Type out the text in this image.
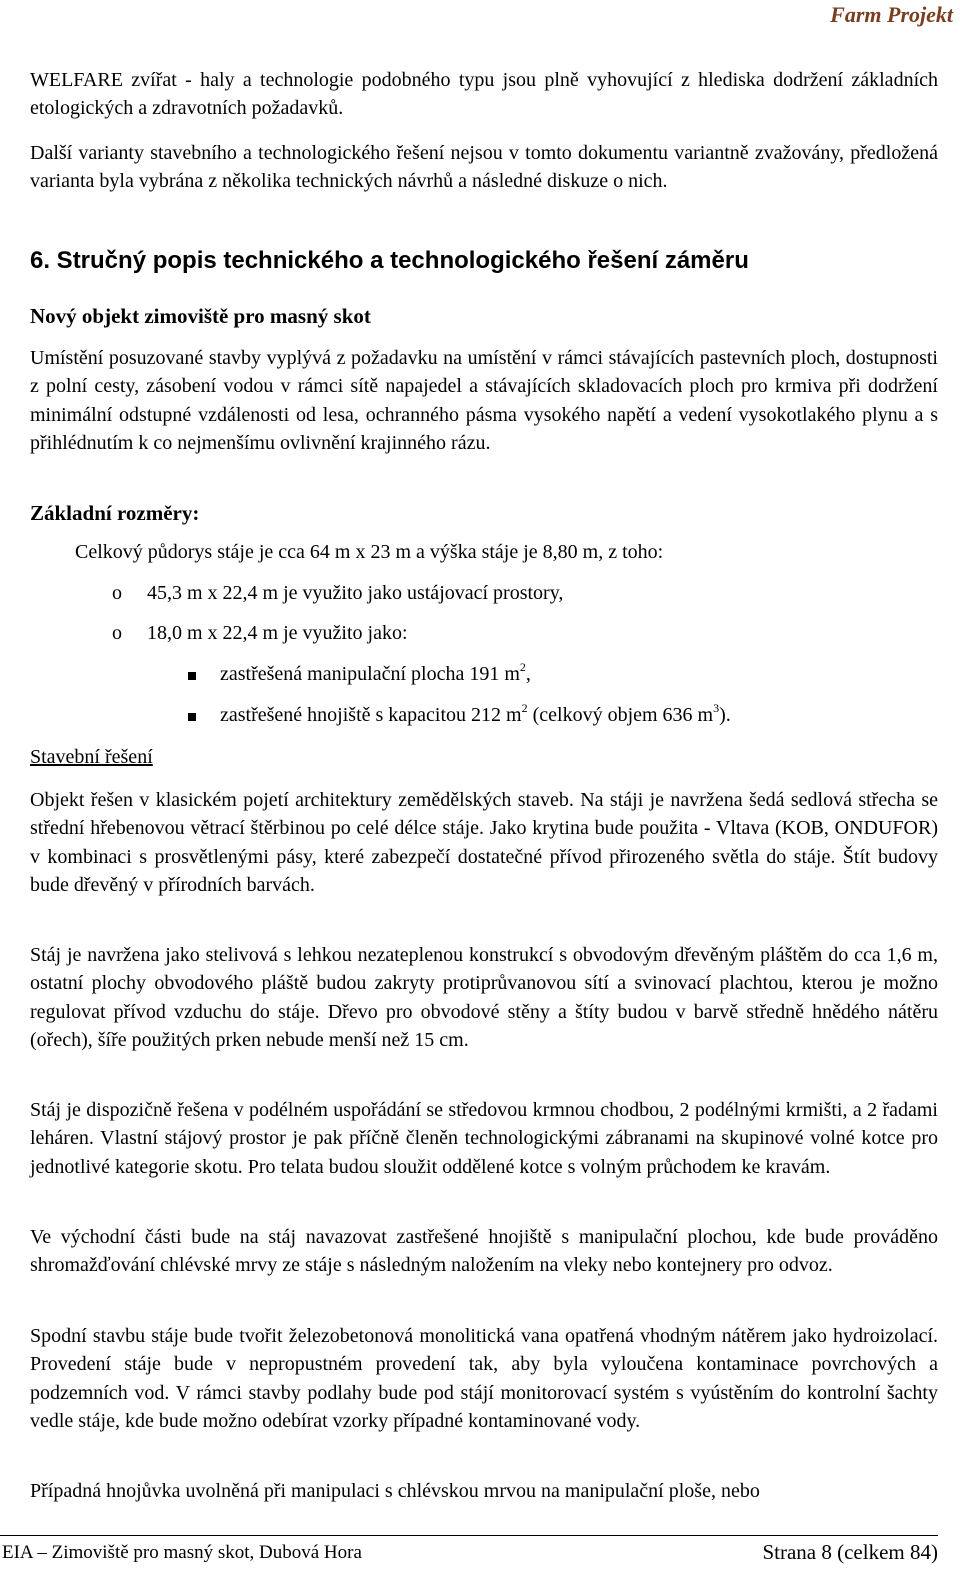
Farm Projekt

WELFARE zvířat - haly a technologie podobného typu jsou plně vyhovující z hlediska dodržení základních etologických a zdravotních požadavků.

Další varianty stavebního a technologického řešení nejsou v tomto dokumentu variantně zvažovány, předložená varianta byla vybrána z několika technických návrhů a následné diskuze o nich.

6. Stručný popis technického a technologického řešení záměru
Nový objekt zimoviště pro masný skot

Umístění posuzované stavby vyplývá z požadavku na umístění v rámci stávajících pastevních ploch, dostupnosti z polní cesty, zásobení vodou v rámci sítě napajedel a stávajících skladovacích ploch pro krmiva při dodržení minimální odstupné vzdálenosti od lesa, ochranného pásma vysokého napětí a vedení vysokotlakého plynu a s přihlédnutím k co nejmenšímu ovlivnění krajinného rázu.

Základní rozměry:
Celkový půdorys stáje je cca 64 m x 23 m a výška stáje je 8,80 m, z toho:
o 45,3 m x 22,4 m je využito jako ustájovací prostory,
o 18,0 m x 22,4 m je využito jako:
zastřešená manipulační plocha 191 $m^2$,
zastřešené hnojiště s kapacitou 212 $m^2$ (celkový objem 636 $m^3$).
Stavební řešení

Objekt řešen v klasickém pojetí architektury zemědělských staveb. Na stáji je navržena šedá sedlová střecha se střední hřebenovou větrací štěrbinou po celé délce stáje. Jako krytina bude použita - Vltava (KOB, ONDUFOR) v kombinaci s prosvětlenými pásy, které zabezpečí dostatečné přívod přirozeného světla do stáje. Štít budovy bude dřevěný v přírodních barvách.

Stáj je navržena jako stelivová s lehkou nezateplenou konstrukcí s obvodovým dřevěným pláštěm do cca 1,6 m, ostatní plochy obvodového pláště budou zakryty protiprůvanovou sítí a svinovací plachtou, kterou je možno regulovat přívod vzduchu do stáje. Dřevo pro obvodové stěny a štíty budou v barvě středně hnědého nátěru (ořech), šíře použitých prken nebude menší než 15 cm.

Stáj je dispozičně řešena v podélném uspořádání se středovou krmnou chodbou, 2 podélnými krmišti, a 2 řadami leháren. Vlastní stájový prostor je pak příčně členěn technologickými zábranami na skupinové volné kotce pro jednotlivé kategorie skotu. Pro telata budou sloužit oddělené kotce s volným průchodem ke kravám.

Ve východní části bude na stáj navazovat zastřešené hnojiště s manipulační plochou, kde bude prováděno shromažďování chlévské mrvy ze stáje s následným naložením na vleky nebo kontejnery pro odvoz.

Spodní stavbu stáje bude tvořit železobetonová monolitická vana opatřená vhodným nátěrem jako hydroizolací. Provedení stáje bude v nepropustném provedení tak, aby byla vyloučena kontaminace povrchových a podzemních vod. V rámci stavby podlahy bude pod stájí monitorovací systém s vyústěním do kontrolní šachty vedle stáje, kde bude možno odebírat vzorky případné kontaminované vody.

Případná hnojůvka uvolněná při manipulaci s chlévskou mrvou na manipulační ploše, nebo

EIA – Zimoviště pro masný skot, Dubová Hora	Strana 8 (celkem 84)
